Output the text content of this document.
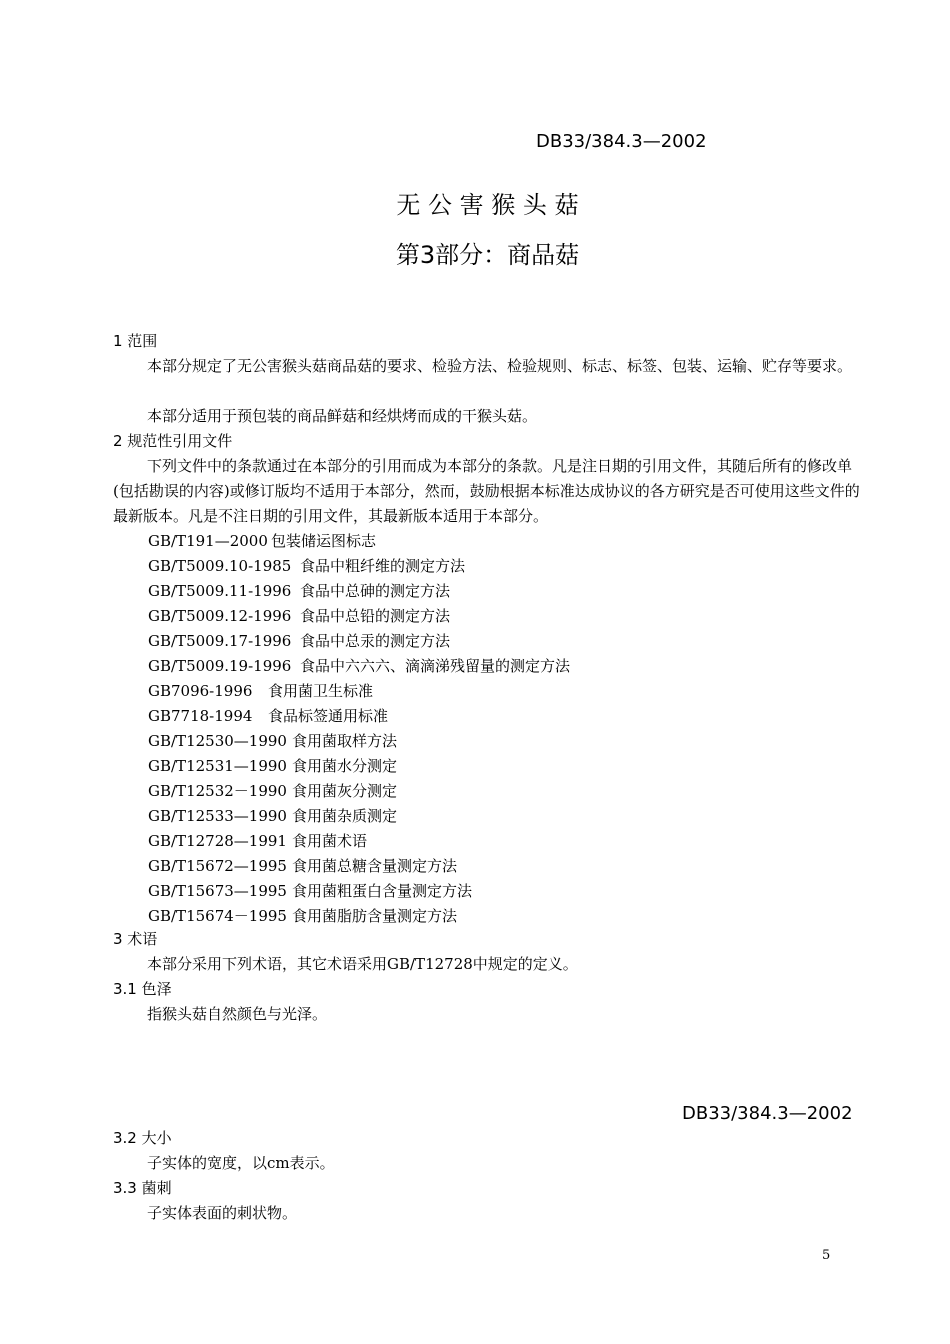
DB33/384.3—2002
无 公 害 猴 头 菇
第3部分：商品菇
1 范围
本部分规定了无公害猴头菇商品菇的要求、检验方法、检验规则、标志、标签、包装、运输、贮存等要求。
本部分适用于预包装的商品鲜菇和经烘烤而成的干猴头菇。
2 规范性引用文件
下列文件中的条款通过在本部分的引用而成为本部分的条款。凡是注日期的引用文件，其随后所有的修改单(包括勘误的内容)或修订版均不适用于本部分，然而，鼓励根据本标准达成协议的各方研究是否可使用这些文件的最新版本。凡是不注日期的引用文件，其最新版本适用于本部分。
GB/T191—2000 包装储运图标志
GB/T5009.10-1985 食品中粗纤维的测定方法
GB/T5009.11-1996 食品中总砷的测定方法
GB/T5009.12-1996 食品中总铅的测定方法
GB/T5009.17-1996 食品中总汞的测定方法
GB/T5009.19-1996 食品中六六六、滴滴涕残留量的测定方法
GB7096-1996 食用菌卫生标准
GB7718-1994 食品标签通用标准
GB/T12530—1990 食用菌取样方法
GB/T12531—1990 食用菌水分测定
GB/T12532－1990 食用菌灰分测定
GB/T12533—1990 食用菌杂质测定
GB/T12728—1991 食用菌术语
GB/T15672—1995 食用菌总糖含量测定方法
GB/T15673—1995 食用菌粗蛋白含量测定方法
GB/T15674－1995 食用菌脂肪含量测定方法
3 术语
本部分采用下列术语，其它术语采用GB/T12728中规定的定义。
3.1 色泽
指猴头菇自然颜色与光泽。
DB33/384.3—2002
3.2 大小
子实体的宽度，以cm表示。
3.3 菌刺
子实体表面的刺状物。
5
